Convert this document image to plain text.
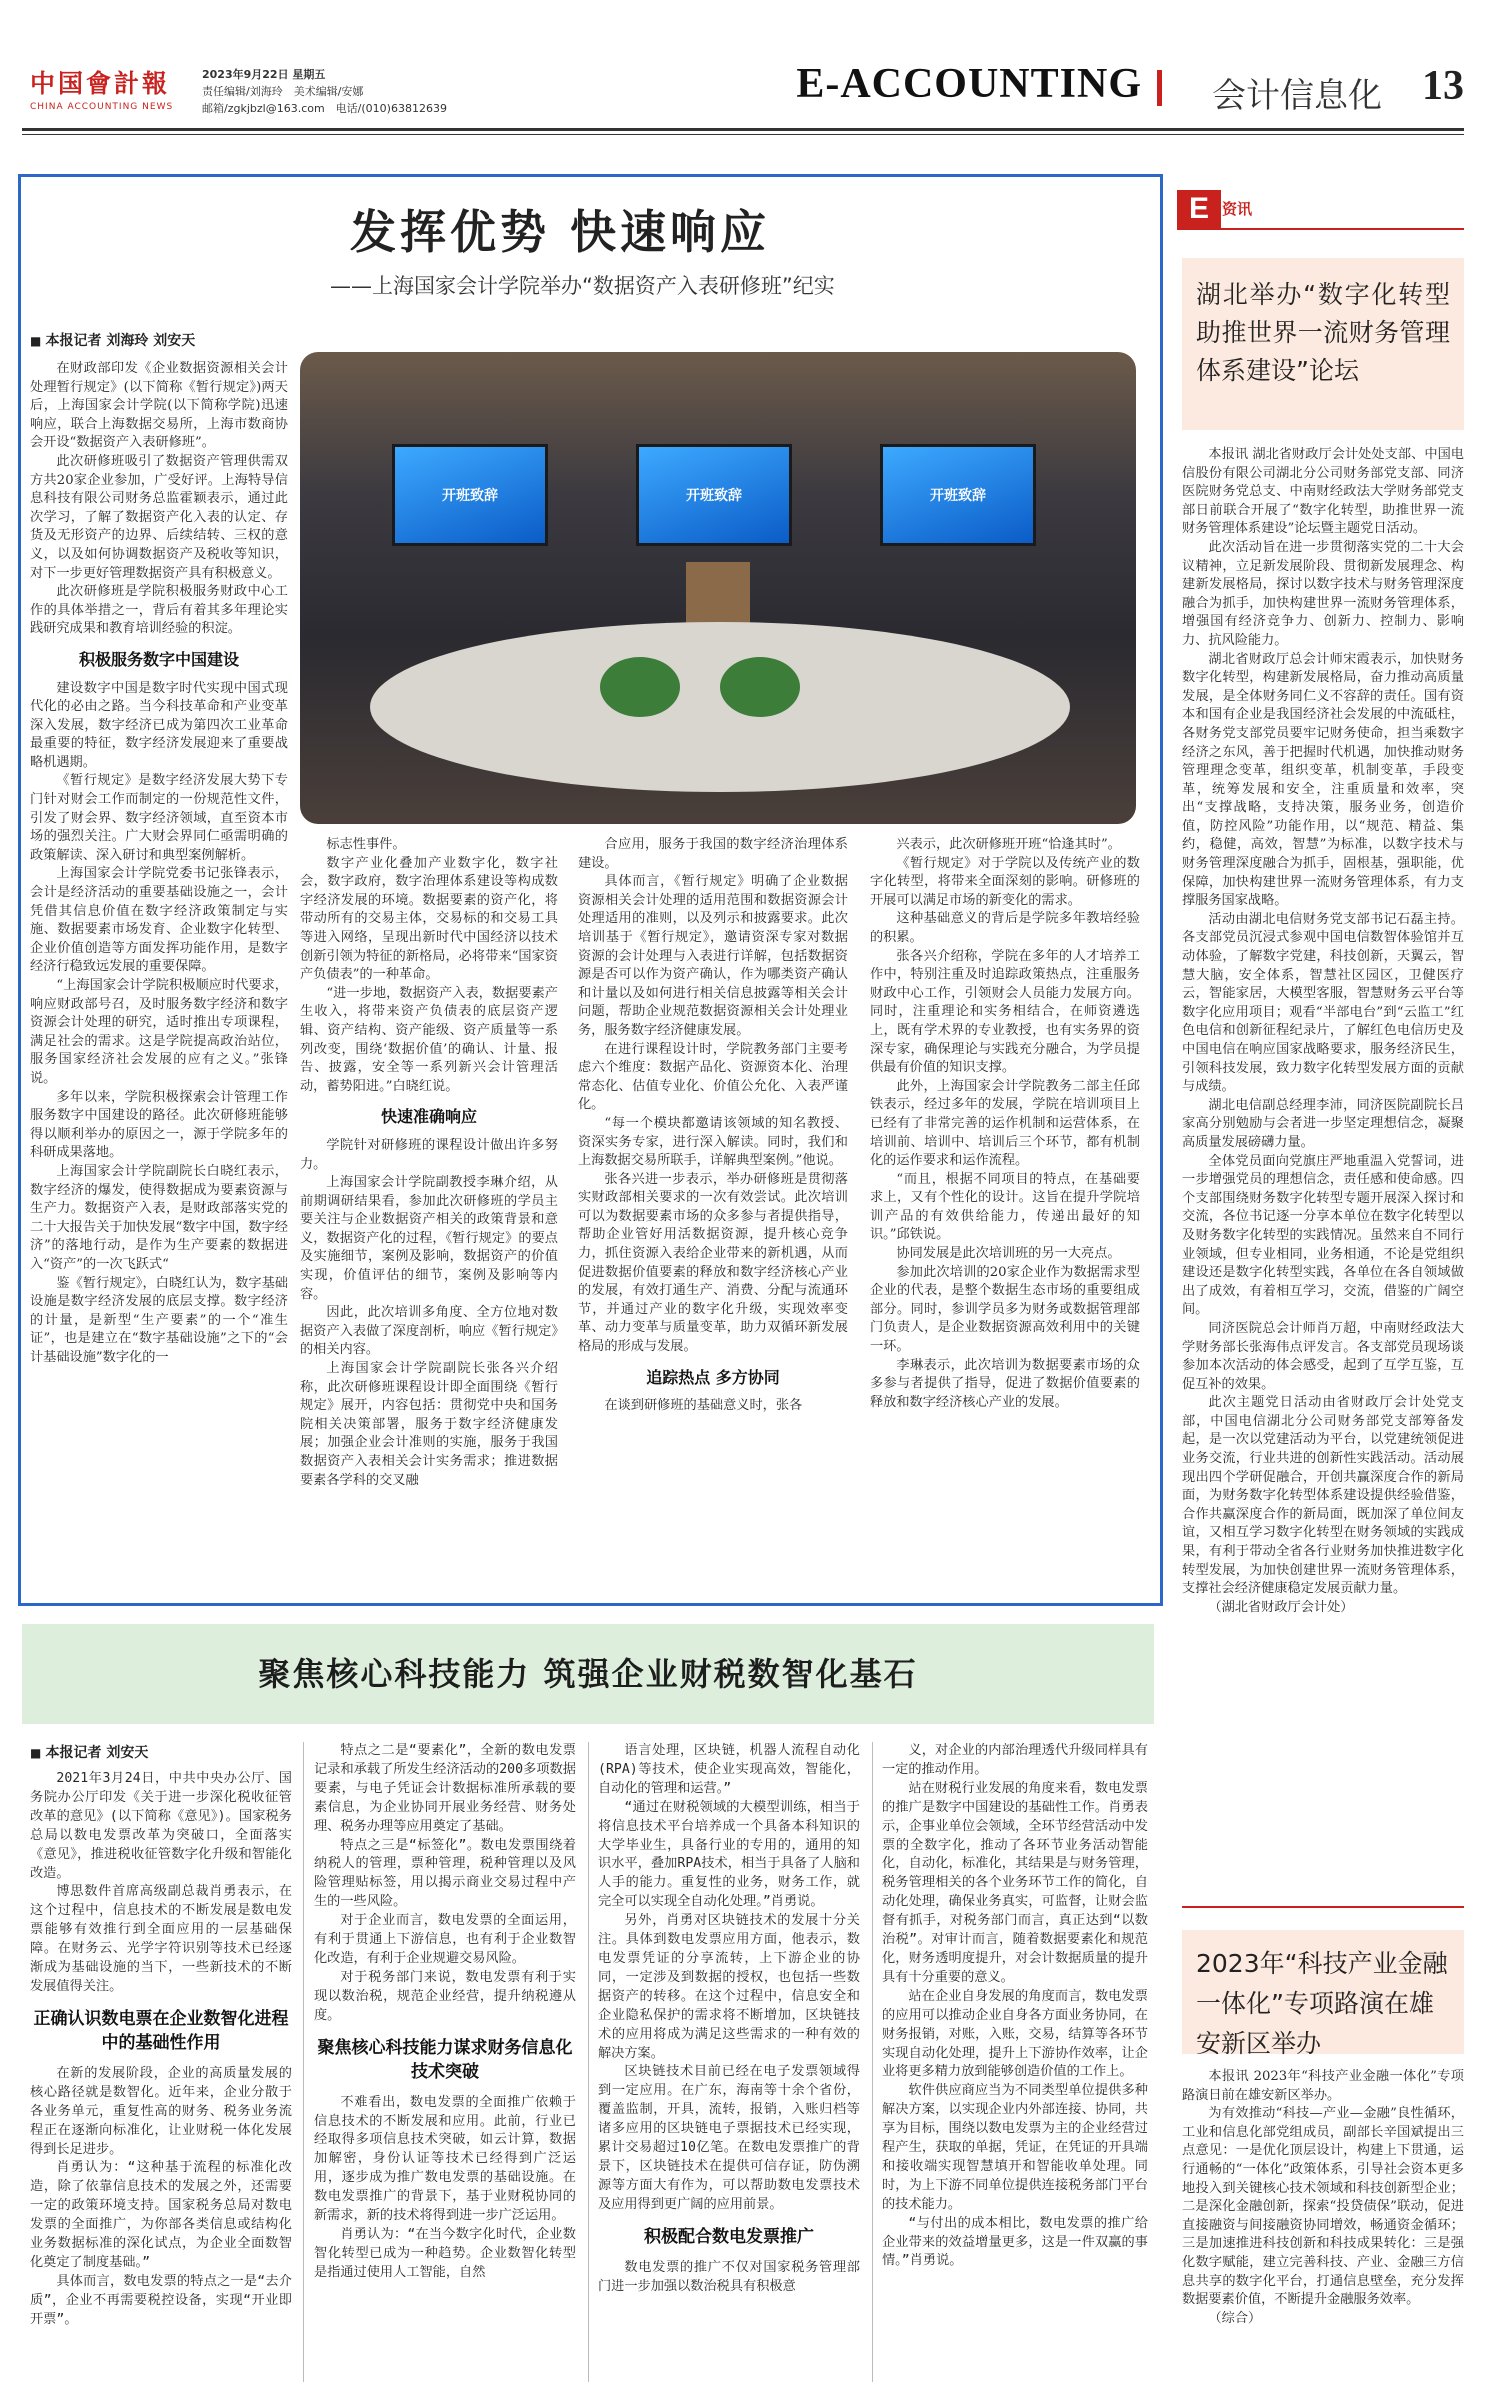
中国會計報
CHINA ACCOUNTING NEWS
2023年9月22日 星期五
责任编辑/刘海玲　美术编辑/安娜
邮箱/zgkjbzl@163.com　电话/(010)63812639
E-ACCOUNTING 会计信息化 13
发挥优势 快速响应
——上海国家会计学院举办“数据资产入表研修班”纪实
■ 本报记者 刘海玲 刘安天
开班致辞	开班致辞	开班致辞

在财政部印发《企业数据资源相关会计处理暂行规定》(以下简称《暂行规定》)两天后，上海国家会计学院(以下简称学院)迅速响应，联合上海数据交易所，上海市数商协会开设“数据资产入表研修班”。

此次研修班吸引了数据资产管理供需双方共20家企业参加，广受好评。上海特导信息科技有限公司财务总监霍颖表示，通过此次学习，了解了数据资产化入表的认定、存货及无形资产的边界、后续结转、三权的意义，以及如何协调数据资产及税收等知识，对下一步更好管理数据资产具有积极意义。

此次研修班是学院积极服务财政中心工作的具体举措之一，背后有着其多年理论实践研究成果和教育培训经验的积淀。

积极服务数字中国建设

建设数字中国是数字时代实现中国式现代化的必由之路。当今科技革命和产业变革深入发展，数字经济已成为第四次工业革命最重要的特征，数字经济发展迎来了重要战略机遇期。

《暂行规定》是数字经济发展大势下专门针对财会工作而制定的一份规范性文件，引发了财会界、数字经济领域，直至资本市场的强烈关注。广大财会界同仁亟需明确的政策解读、深入研讨和典型案例解析。

上海国家会计学院党委书记张锋表示，会计是经济活动的重要基础设施之一，会计凭借其信息价值在数字经济政策制定与实施、数据要素市场发育、企业数字化转型、企业价值创造等方面发挥功能作用，是数字经济行稳致远发展的重要保障。

“上海国家会计学院积极顺应时代要求，响应财政部号召，及时服务数字经济和数字资源会计处理的研究，适时推出专项课程，满足社会的需求。这是学院提高政治站位，服务国家经济社会发展的应有之义。”张锋说。

多年以来，学院积极探索会计管理工作服务数字中国建设的路径。此次研修班能够得以顺利举办的原因之一，源于学院多年的科研成果落地。

上海国家会计学院副院长白晓红表示，数字经济的爆发，使得数据成为要素资源与生产力。数据资产入表，是财政部落实党的二十大报告关于加快发展“数字中国，数字经济”的落地行动，是作为生产要素的数据进入“资产”的一次飞跃式“

鉴《暂行规定》，白晓红认为，数字基础设施是数字经济发展的底层支撑。数字经济的计量，是新型“生产要素”的一个“准生证”，也是建立在“数字基础设施”之下的“会计基础设施”数字化的一

标志性事件。

数字产业化叠加产业数字化，数字社会，数字政府，数字治理体系建设等构成数字经济发展的环境。数据要素的资产化，将带动所有的交易主体，交易标的和交易工具等进入网络，呈现出新时代中国经济以技术创新引领为特征的新格局，必将带来“国家资产负债表”的一种革命。

“进一步地，数据资产入表，数据要素产生收入，将带来资产负债表的底层资产逻辑、资产结构、资产能级、资产质量等一系列改变，围绕‘数据价值’的确认、计量、报告、披露，安全等一系列新兴会计管理活动，蓄势阳进。”白晓红说。

快速准确响应

学院针对研修班的课程设计做出许多努力。

上海国家会计学院副教授李琳介绍，从前期调研结果看，参加此次研修班的学员主要关注与企业数据资产相关的政策背景和意义，数据资产化的过程，《暂行规定》的要点及实施细节，案例及影响，数据资产的价值实现，价值评估的细节，案例及影响等内容。

因此，此次培训多角度、全方位地对数据资产入表做了深度剖析，响应《暂行规定》的相关内容。

上海国家会计学院副院长张各兴介绍称，此次研修班课程设计即全面围绕《暂行规定》展开，内容包括：贯彻党中央和国务院相关决策部署，服务于数字经济健康发展；加强企业会计准则的实施，服务于我国数据资产入表相关会计实务需求；推进数据要素各学科的交叉融

合应用，服务于我国的数字经济治理体系建设。

具体而言，《暂行规定》明确了企业数据资源相关会计处理的适用范围和数据资源会计处理适用的准则，以及列示和披露要求。此次培训基于《暂行规定》，邀请资深专家对数据资源的会计处理与入表进行详解，包括数据资源是否可以作为资产确认，作为哪类资产确认和计量以及如何进行相关信息披露等相关会计问题，帮助企业规范数据资源相关会计处理业务，服务数字经济健康发展。

在进行课程设计时，学院教务部门主要考虑六个维度：数据产品化、资源资本化、治理常态化、估值专业化、价值公允化、入表严谨化。

“每一个模块都邀请该领域的知名教授、资深实务专家，进行深入解读。同时，我们和上海数据交易所联手，详解典型案例。”他说。

张各兴进一步表示，举办研修班是贯彻落实财政部相关要求的一次有效尝试。此次培训可以为数据要素市场的众多参与者提供指导，帮助企业管好用活数据资源，提升核心竞争力，抓住资源入表给企业带来的新机遇，从而促进数据价值要素的释放和数字经济核心产业的发展，有效打通生产、消费、分配与流通环节，并通过产业的数字化升级，实现效率变革、动力变革与质量变革，助力双循环新发展格局的形成与发展。

追踪热点 多方协同

在谈到研修班的基础意义时，张各

兴表示，此次研修班开班“恰逢其时”。

《暂行规定》对于学院以及传统产业的数字化转型，将带来全面深刻的影响。研修班的开展可以满足市场的新变化的需求。

这种基础意义的背后是学院多年教培经验的积累。

张各兴介绍称，学院在多年的人才培养工作中，特别注重及时追踪政策热点，注重服务财政中心工作，引领财会人员能力发展方向。同时，注重理论和实务相结合，在师资遴选上，既有学术界的专业教授，也有实务界的资深专家，确保理论与实践充分融合，为学员提供最有价值的知识支撑。

此外，上海国家会计学院教务二部主任邱铁表示，经过多年的发展，学院在培训项目上已经有了非常完善的运作机制和运营体系，在培训前、培训中、培训后三个环节，都有机制化的运作要求和运作流程。

“而且，根据不同项目的特点，在基础要求上，又有个性化的设计。这旨在提升学院培训产品的有效供给能力，传递出最好的知识。”邱铁说。

协同发展是此次培训班的另一大亮点。

参加此次培训的20家企业作为数据需求型企业的代表，是整个数据生态市场的重要组成部分。同时，参训学员多为财务或数据管理部门负责人，是企业数据资源高效利用中的关键一环。

李琳表示，此次培训为数据要素市场的众多参与者提供了指导，促进了数据价值要素的释放和数字经济核心产业的发展。

E 资讯
湖北举办“数字化转型助推世界一流财务管理体系建设”论坛

本报讯 湖北省财政厅会计处处支部、中国电信股份有限公司湖北分公司财务部党支部、同济医院财务党总支、中南财经政法大学财务部党支部日前联合开展了“数字化转型，助推世界一流财务管理体系建设”论坛暨主题党日活动。

此次活动旨在进一步贯彻落实党的二十大会议精神，立足新发展阶段、贯彻新发展理念、构建新发展格局，探讨以数字技术与财务管理深度融合为抓手，加快构建世界一流财务管理体系，增强国有经济竞争力、创新力、控制力、影响力、抗风险能力。

湖北省财政厅总会计师宋霞表示，加快财务数字化转型，构建新发展格局，奋力推动高质量发展，是全体财务同仁义不容辞的责任。国有资本和国有企业是我国经济社会发展的中流砥柱，各财务党支部党员要牢记财务使命，担当乘数字经济之东风，善于把握时代机遇，加快推动财务管理理念变革，组织变革，机制变革，手段变革，统筹发展和安全，注重质量和效率，突出“支撑战略，支持决策，服务业务，创造价值，防控风险”功能作用，以“规范、精益、集约，稳健，高效，智慧”为标准，以数字技术与财务管理深度融合为抓手，固根基，强职能，优保障，加快构建世界一流财务管理体系，有力支撑服务国家战略。

活动由湖北电信财务党支部书记石磊主持。各支部党员沉浸式参观中国电信数智体验馆并互动体验，了解数字党建，科技创新，天翼云，智慧大脑，安全体系，智慧社区园区，卫健医疗云，智能家居，大模型客服，智慧财务云平台等数字化应用项目；观看“半部电台”到“云监工”红色电信和创新征程纪录片，了解红色电信历史及中国电信在响应国家战略要求，服务经济民生，引领科技发展，致力数字化转型发展方面的贡献与成绩。

湖北电信副总经理李沛，同济医院副院长吕家高分别勉励与会者进一步坚定理想信念，凝聚高质量发展磅礴力量。

全体党员面向党旗庄严地重温入党誓词，进一步增强党员的理想信念，责任感和使命感。四个支部围绕财务数字化转型专题开展深入探讨和交流，各位书记逐一分享本单位在数字化转型以及财务数字化转型的实践情况。虽然来自不同行业领域，但专业相同，业务相通，不论是党组织建设还是数字化转型实践，各单位在各自领域做出了成效，有着相互学习，交流，借鉴的广阔空间。

同济医院总会计师肖万超，中南财经政法大学财务部长张海伟点评发言。各支部党员现场谈参加本次活动的体会感受，起到了互学互鉴，互促互补的效果。

此次主题党日活动由省财政厅会计处党支部，中国电信湖北分公司财务部党支部筹备发起，是一次以党建活动为平台，以党建统领促进业务交流，行业共进的创新性实践活动。活动展现出四个学研促融合，开创共赢深度合作的新局面，为财务数字化转型体系建设提供经验借鉴，合作共赢深度合作的新局面，既加深了单位间友谊，又相互学习数字化转型在财务领域的实践成果，有利于带动全省各行业财务加快推进数字化转型发展，为加快创建世界一流财务管理体系，支撑社会经济健康稳定发展贡献力量。

（湖北省财政厅会计处）

2023年“科技产业金融一体化”专项路演在雄安新区举办

本报讯 2023年“科技产业金融一体化”专项路演日前在雄安新区举办。

为有效推动“科技—产业—金融”良性循环，工业和信息化部党组成员，副部长辛国斌提出三点意见：一是优化顶层设计，构建上下贯通，运行通畅的“一体化”政策体系，引导社会资本更多地投入到关键核心技术领域和科技创新型企业；二是深化金融创新，探索“投贷债保”联动，促进直接融资与间接融资协同增效，畅通资金循环；三是加速推进科技创新和科技成果转化：三是强化数字赋能，建立完善科技、产业、金融三方信息共享的数字化平台，打通信息壁垒，充分发挥数据要素价值，不断提升金融服务效率。

（综合）

聚焦核心科技能力 筑强企业财税数智化基石
■ 本报记者 刘安天

2021年3月24日，中共中央办公厅、国务院办公厅印发《关于进一步深化税收征管改革的意见》(以下简称《意见》)。国家税务总局以数电发票改革为突破口，全面落实《意见》，推进税收征管数字化升级和智能化改造。

博思数件首席高级副总裁肖勇表示，在这个过程中，信息技术的不断发展是数电发票能够有效推行到全面应用的一层基础保障。在财务云、光学字符识别等技术已经逐渐成为基础设施的当下，一些新技术的不断发展值得关注。

正确认识数电票在企业数智化进程中的基础性作用

在新的发展阶段，企业的高质量发展的核心路径就是数智化。近年来，企业分散于各业务单元，重复性高的财务、税务业务流程正在逐渐向标准化，让业财税一体化发展得到长足进步。

肖勇认为：“这种基于流程的标准化改造，除了依靠信息技术的发展之外，还需要一定的政策环境支持。国家税务总局对数电发票的全面推广，为你部各类信息或结构化业务数据标准的深化试点，为企业全面数智化奠定了制度基础。”

具体而言，数电发票的特点之一是“去介质”，企业不再需要税控设备，实现“开业即开票”。

特点之二是“要素化”，全新的数电发票记录和承载了所发生经济活动的200多项数据要素，与电子凭证会计数据标准所承载的要素信息，为企业协同开展业务经营、财务处理、税务办理等应用奠定了基础。

特点之三是“标签化”。数电发票围绕着纳税人的管理，票种管理，税种管理以及风险管理贴标签，用以揭示商业交易过程中产生的一些风险。

对于企业而言，数电发票的全面运用，有利于贯通上下游信息，也有利于企业数智化改造，有利于企业规避交易风险。

对于税务部门来说，数电发票有利于实现以数治税，规范企业经营，提升纳税遵从度。

聚焦核心科技能力谋求财务信息化技术突破

不难看出，数电发票的全面推广依赖于信息技术的不断发展和应用。此前，行业已经取得多项信息技术突破，如云计算，数据加解密，身份认证等技术已经得到广泛运用，逐步成为推广数电发票的基础设施。在数电发票推广的背景下，基于业财税协同的新需求，新的技术将得到进一步广泛运用。

肖勇认为：“在当今数字化时代，企业数智化转型已成为一种趋势。企业数智化转型是指通过使用人工智能，自然

语言处理，区块链，机器人流程自动化(RPA)等技术，使企业实现高效，智能化，自动化的管理和运营。”

“通过在财税领域的大模型训练，相当于将信息技术平台培养成一个具备本科知识的大学毕业生，具备行业的专用的，通用的知识水平，叠加RPA技术，相当于具备了人脑和人手的能力。重复性的业务，财务工作，就完全可以实现全自动化处理。”肖勇说。

另外，肖勇对区块链技术的发展十分关注。具体到数电发票应用方面，他表示，数电发票凭证的分享流转，上下游企业的协同，一定涉及到数据的授权，也包括一些数据资产的转移。在这个过程中，信息安全和企业隐私保护的需求将不断增加，区块链技术的应用将成为满足这些需求的一种有效的解决方案。

区块链技术目前已经在电子发票领域得到一定应用。在广东，海南等十余个省份，覆盖监制，开具，流转，报销，入账归档等诸多应用的区块链电子票据技术已经实现，累计交易超过10亿笔。在数电发票推广的背景下，区块链技术在提供可信存证，防伪溯源等方面大有作为，可以帮助数电发票技术及应用得到更广阔的应用前景。

积极配合数电发票推广

数电发票的推广不仅对国家税务管理部门进一步加强以数治税具有积极意

义，对企业的内部治理透代升级同样具有一定的推动作用。

站在财税行业发展的角度来看，数电发票的推广是数字中国建设的基础性工作。肖勇表示，企事业单位会领域，全环节经营活动中发票的全数字化，推动了各环节业务活动智能化，自动化，标准化，其结果是与财务管理，税务管理相关的各个业务环节工作的简化，自动化处理，确保业务真实，可监督，让财会监督有抓手，对税务部门而言，真正达到“以数治税”。对审计而言，随着数据要素化和规范化，财务透明度提升，对会计数据质量的提升具有十分重要的意义。

站在企业自身发展的角度而言，数电发票的应用可以推动企业自身各方面业务协同，在财务报销，对账，入账，交易，结算等各环节实现自动化处理，提升上下游协作效率，让企业将更多精力放到能够创造价值的工作上。

软件供应商应当为不同类型单位提供多种解决方案，以实现企业内外部连接、协同，共享为目标，围绕以数电发票为主的企业经营过程产生，获取的单据，凭证，在凭证的开具端和接收端实现智慧填开和智能收单处理。同时，为上下游不同单位提供连接税务部门平台的技术能力。

“与付出的成本相比，数电发票的推广给企业带来的效益增量更多，这是一件双赢的事情。”肖勇说。
